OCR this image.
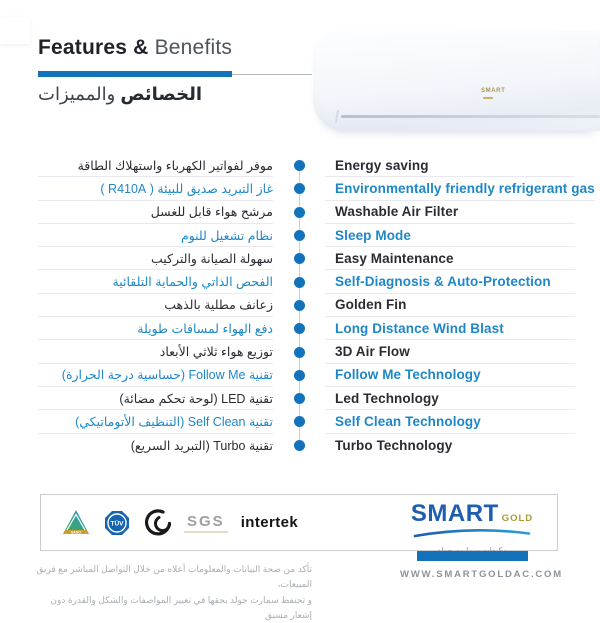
Features & Benefits
الخصائص والمميزات	SMART
موفر لفواتير الكهرباء واستهلاك الطاقة	Energy saving
غاز التبريد صديق للبيئة ( R410A )	Environmentally friendly refrigerant gas
مرشح هواء قابل للغسل	Washable Air Filter
نظام تشغيل للنوم	Sleep Mode
سهولة الصيانة والتركيب	Easy Maintenance
الفحص الذاتي والحماية التلقائية	Self-Diagnosis & Auto-Protection
زعانف مطلية بالذهب	Golden Fin
دفع الهواء لمسافات طويلة	Long Distance Wind Blast
توزيع هواء ثلاثي الأبعاد	3D Air Flow
تقنية Follow Me (حساسية درجة الحرارة)	Follow Me Technology
تقنية LED (لوحة تحكم مضائة)	Led Technology
تقنية Self Clean (التنظيف الأتوماتيكي)	Self Clean Technology
تقنية Turbo (التبريد السريع)	Turbo Technology
SASO
TÜV	SGS intertek	SMART GOLD
تأكد من صحة البيانات والمعلومات أعلاه من خلال التواصل المباشر مع فريق المبيعات،
و تحتفظ سمارت جولد بحقها في تغيير المواصفات والشكل والقدرة دون إشعار مسبق
WWW.SMARTGOLDAC.COM
